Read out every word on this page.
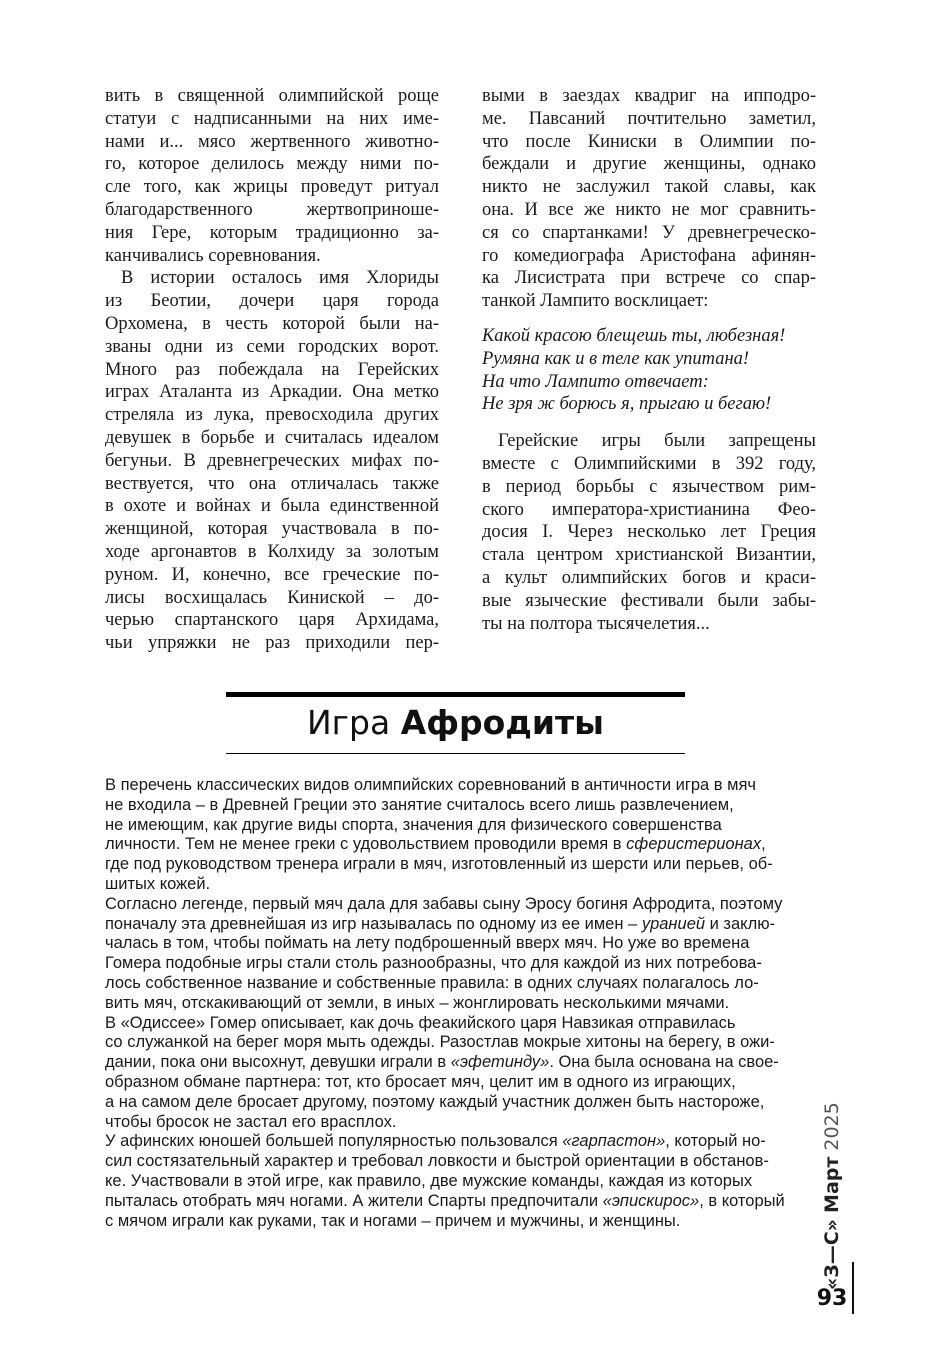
вить в священной олимпийской роще
статуи с надписанными на них име-
нами и... мясо жертвенного животно-
го, которое делилось между ними по-
сле того, как жрицы проведут ритуал
благодарственного жертвоприноше-
ния Гере, которым традиционно за-
канчивались соревнования.
В истории осталось имя Хлориды
из Беотии, дочери царя города
Орхомена, в честь которой были на-
званы одни из семи городских ворот.
Много раз побеждала на Герейских
играх Аталанта из Аркадии. Она метко
стреляла из лука, превосходила других
девушек в борьбе и считалась идеалом
бегуньи. В древнегреческих мифах по-
вествуется, что она отличалась также
в охоте и войнах и была единственной
женщиной, которая участвовала в по-
ходе аргонавтов в Колхиду за золотым
руном. И, конечно, все греческие по-
лисы восхищалась Киниской – до-
черью спартанского царя Архидама,
чьи упряжки не раз приходили пер-
выми в заездах квадриг на ипподро-
ме. Павсаний почтительно заметил,
что после Киниски в Олимпии по-
беждали и другие женщины, однако
никто не заслужил такой славы, как
она. И все же никто не мог сравнить-
ся со спартанками! У древнегреческо-
го комедиографа Аристофана афинян-
ка Лисистрата при встрече со спар-
танкой Лампито восклицает:
Какой красою блещешь ты, любезная!
Румяна как и в теле как упитана!
На что Лампито отвечает:
Не зря ж борюсь я, прыгаю и бегаю!
Герейские игры были запрещены
вместе с Олимпийскими в 392 году,
в период борьбы с язычеством рим-
ского императора-христианина Фео-
досия I. Через несколько лет Греция
стала центром христианской Византии,
а культ олимпийских богов и краси-
вые языческие фестивали были забы-
ты на полтора тысячелетия...
Игра Афродиты
В перечень классических видов олимпийских соревнований в античности игра в мяч
не входила – в Древней Греции это занятие считалось всего лишь развлечением,
не имеющим, как другие виды спорта, значения для физического совершенства
личности. Тем не менее греки с удовольствием проводили время в сферистерионах,
где под руководством тренера играли в мяч, изготовленный из шерсти или перьев, об-
шитых кожей.
Согласно легенде, первый мяч дала для забавы сыну Эросу богиня Афродита, поэтому
поначалу эта древнейшая из игр называлась по одному из ее имен – уранией и заклю-
чалась в том, чтобы поймать на лету подброшенный вверх мяч. Но уже во времена
Гомера подобные игры стали столь разнообразны, что для каждой из них потребова-
лось собственное название и собственные правила: в одних случаях полагалось ло-
вить мяч, отскакивающий от земли, в иных – жонглировать несколькими мячами.
В «Одиссее» Гомер описывает, как дочь феакийского царя Навзикая отправилась
со служанкой на берег моря мыть одежды. Разостлав мокрые хитоны на берегу, в ожи-
дании, пока они высохнут, девушки играли в «эфетинду». Она была основана на свое-
образном обмане партнера: тот, кто бросает мяч, целит им в одного из играющих,
а на самом деле бросает другому, поэтому каждый участник должен быть настороже,
чтобы бросок не застал его врасплох.
У афинских юношей большей популярностью пользовался «гарпастон», который но-
сил состязательный характер и требовал ловкости и быстрой ориентации в обстанов-
ке. Участвовали в этой игре, как правило, две мужские команды, каждая из которых
пыталась отобрать мяч ногами. А жители Спарты предпочитали «эпискирос», в который
с мячом играли как руками, так и ногами – причем и мужчины, и женщины.	«З—С» Март 2025
93
